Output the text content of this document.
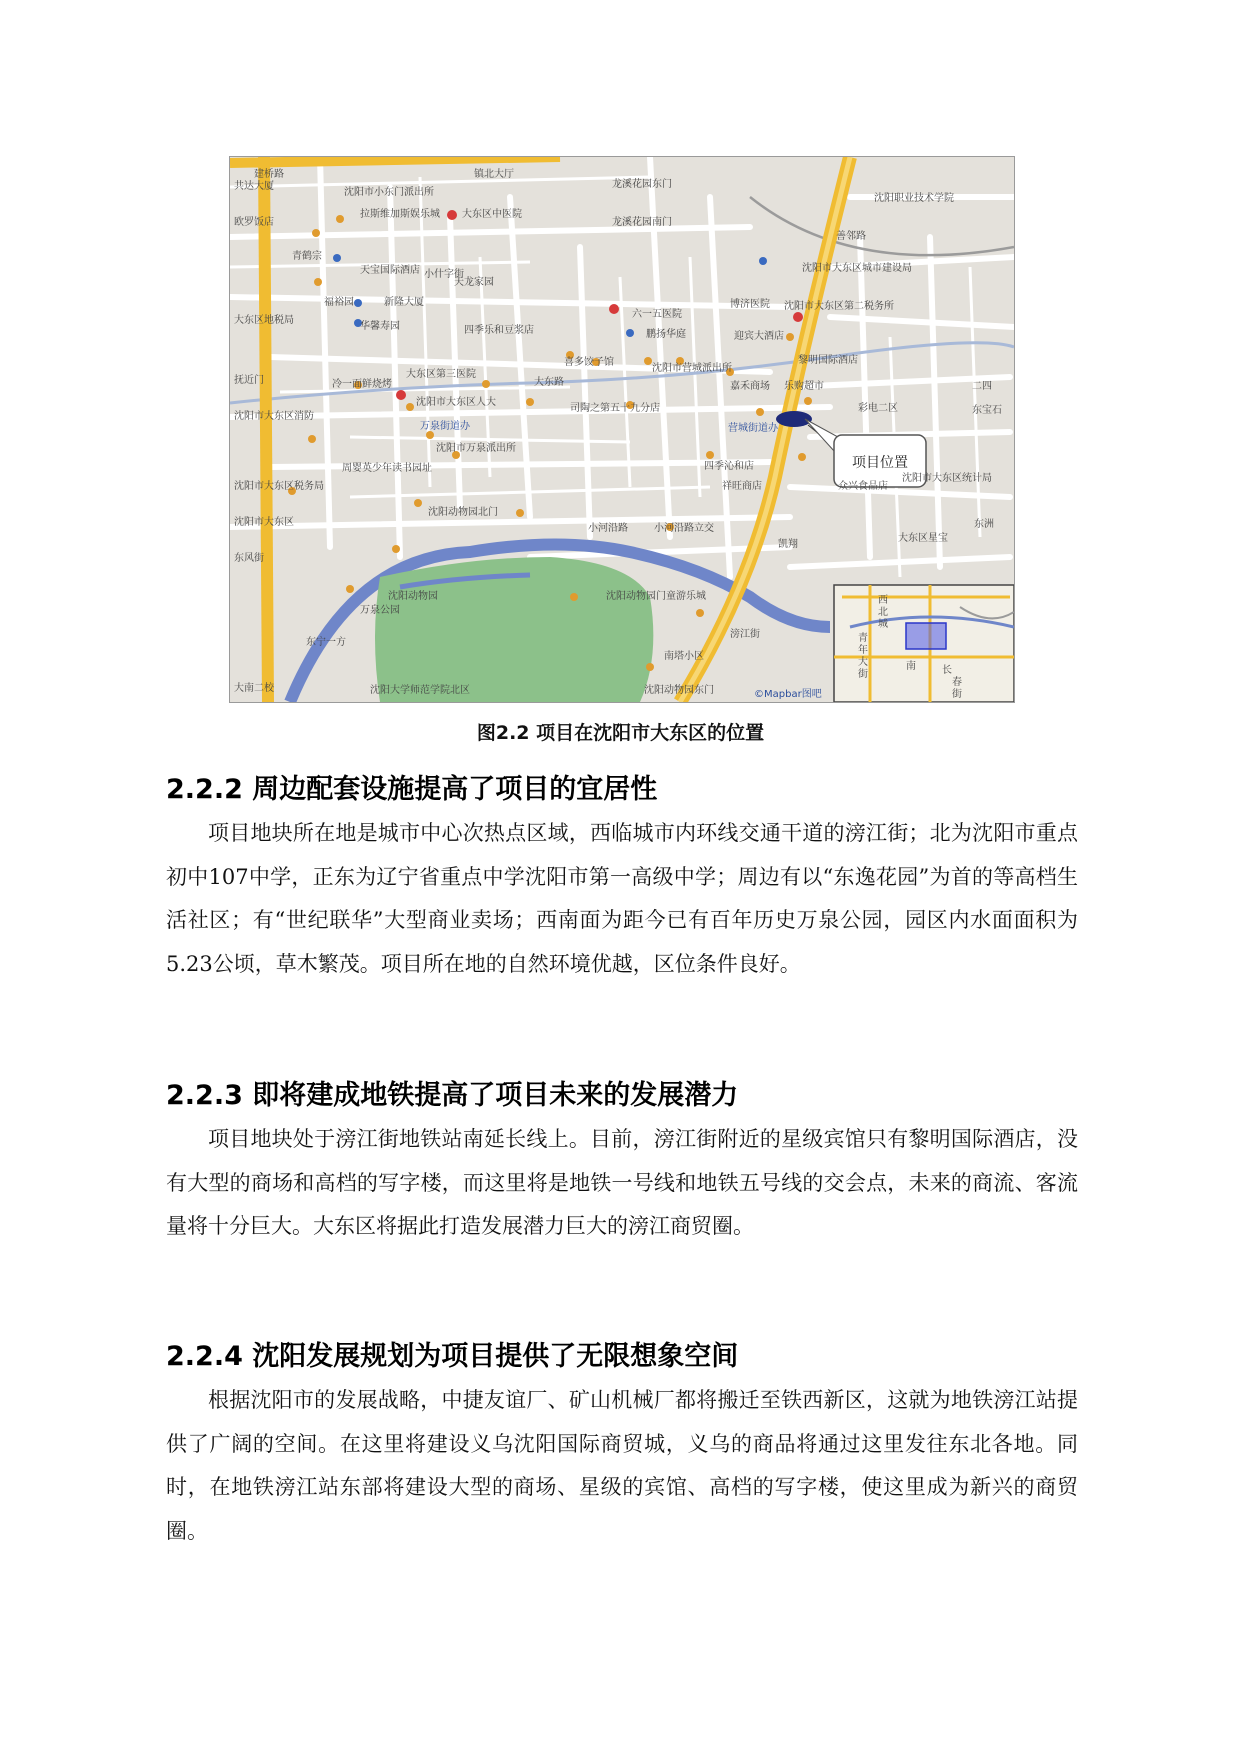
项目位置
建桥路	镇北大厅
龙溪花园东门
共达大厦
沈阳市小东门派出所
沈阳职业技术学院
欧罗饭店
拉斯维加斯娱乐城 大东区中医院
龙溪花园南门
善邻路
青鹤宗
天宝国际酒店	沈阳市大东区城市建设局
小什字街
天龙家园
六一五医院
博济医院 沈阳市大东区第二税务所
福裕园	新隆大厦
鹏扬华庭	迎宾大酒店
华馨寿园	四季乐和豆浆店
大东区地税局
喜多饺子馆
沈阳市营城派出所
黎明国际酒店
大东区第三医院
大东路
冷一面鲜烧烤	嘉禾商场 乐购超市	二四
抚近门
沈阳市大东区人大
司陶之第五十九分店	彩电二区	东宝石
沈阳市大东区消防
万泉街道办	营城街道办
沈阳市万泉派出所
周婴英少年读书园址	四季沁和店
祥旺商店
沈阳市大东区税务局	众兴食品店
沈阳市大东区统计局
沈阳动物园北门
小河沿路	小河沿路立交
大东区星宝
东风街
沈阳动物园
万泉公园
沈阳动物园门童游乐城
东宁一方
南塔小区
大南二校	沈阳大学师范学院北区	沈阳动物园东门
凯翔
滂江街
沈阳市大东区	东洲
西
北
城
青
年
大
街
南	长
春
街
©Mapbar图吧
图2.2 项目在沈阳市大东区的位置
2.2.2 周边配套设施提高了项目的宜居性

项目地块所在地是城市中心次热点区域，西临城市内环线交通干道的滂江街；北为沈阳市重点初中107中学，正东为辽宁省重点中学沈阳市第一高级中学；周边有以“东逸花园”为首的等高档生活社区；有“世纪联华”大型商业卖场；西南面为距今已有百年历史万泉公园，园区内水面面积为5.23公顷，草木繁茂。项目所在地的自然环境优越，区位条件良好。

2.2.3 即将建成地铁提高了项目未来的发展潜力

项目地块处于滂江街地铁站南延长线上。目前，滂江街附近的星级宾馆只有黎明国际酒店，没有大型的商场和高档的写字楼，而这里将是地铁一号线和地铁五号线的交会点，未来的商流、客流量将十分巨大。大东区将据此打造发展潜力巨大的滂江商贸圈。

2.2.4 沈阳发展规划为项目提供了无限想象空间

根据沈阳市的发展战略，中捷友谊厂、矿山机械厂都将搬迁至铁西新区，这就为地铁滂江站提供了广阔的空间。在这里将建设义乌沈阳国际商贸城，义乌的商品将通过这里发往东北各地。同时，在地铁滂江站东部将建设大型的商场、星级的宾馆、高档的写字楼，使这里成为新兴的商贸圈。
